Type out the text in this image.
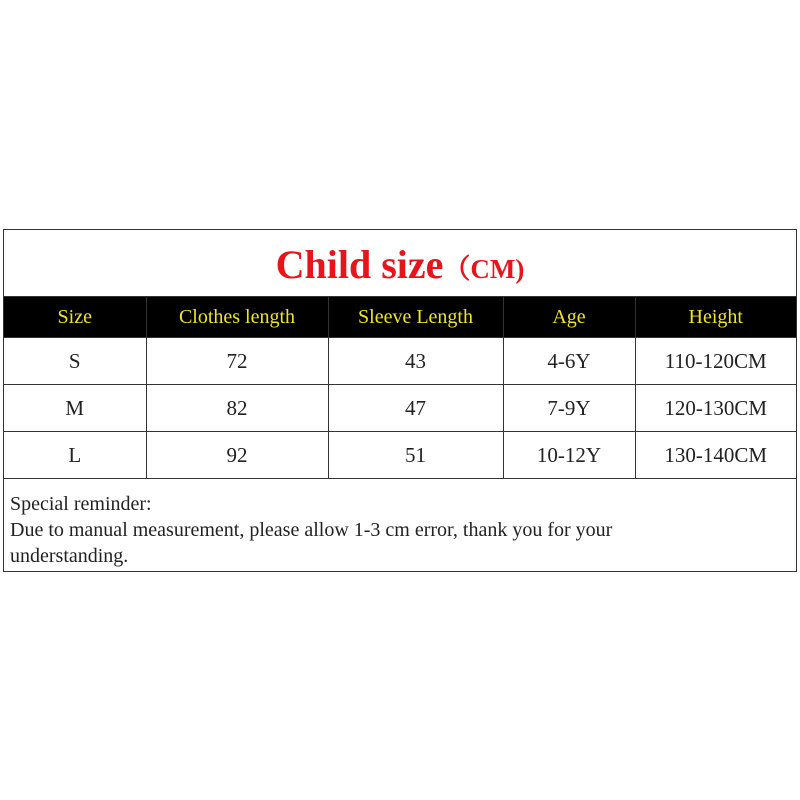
Child size（CM)
Size	Clothes length	Sleeve Length	Age	Height
S	72	43	4-6Y	110-120CM
M	82	47	7-9Y	120-130CM
L	92	51	10-12Y	130-140CM
Special reminder:
Due to manual measurement, please allow 1-3 cm error, thank you for your
understanding.
